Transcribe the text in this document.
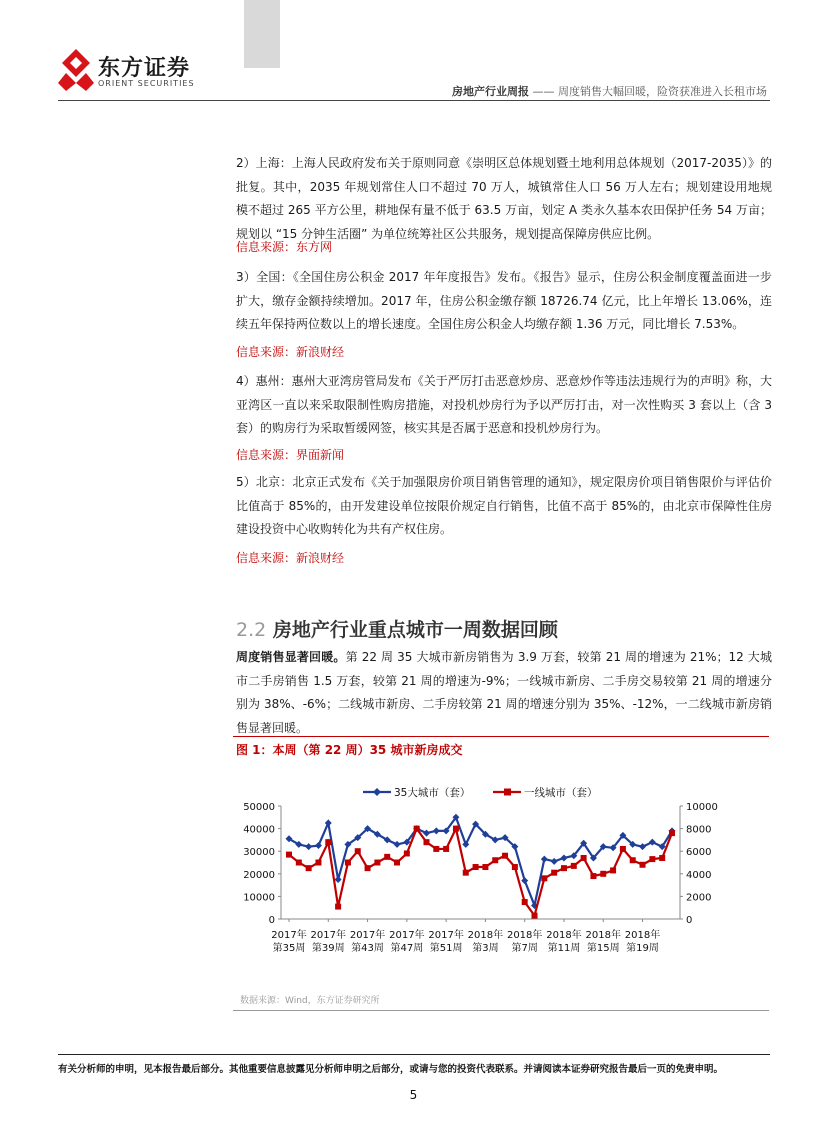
东方证券
ORIENT SECURITIES
房地产行业周报 —— 周度销售大幅回暖，险资获准进入长租市场
2）上海：上海人民政府发布关于原则同意《崇明区总体规划暨土地利用总体规划（2017-2035）》的批复。其中，2035 年规划常住人口不超过 70 万人，城镇常住人口 56 万人左右；规划建设用地规模不超过 265 平方公里，耕地保有量不低于 63.5 万亩，划定 A 类永久基本农田保护任务 54 万亩；规划以 “15 分钟生活圈” 为单位统筹社区公共服务，规划提高保障房供应比例。
信息来源：东方网
3）全国：《全国住房公积金 2017 年年度报告》发布。《报告》显示，住房公积金制度覆盖面进一步扩大，缴存金额持续增加。2017 年，住房公积金缴存额 18726.74 亿元，比上年增长 13.06%，连续五年保持两位数以上的增长速度。全国住房公积金人均缴存额 1.36 万元，同比增长 7.53%。
信息来源：新浪财经
4）惠州：惠州大亚湾房管局发布《关于严厉打击恶意炒房、恶意炒作等违法违规行为的声明》称，大亚湾区一直以来采取限制性购房措施，对投机炒房行为予以严厉打击，对一次性购买 3 套以上（含 3 套）的购房行为采取暂缓网签，核实其是否属于恶意和投机炒房行为。
信息来源：界面新闻
5）北京：北京正式发布《关于加强限房价项目销售管理的通知》，规定限房价项目销售限价与评估价比值高于 85%的，由开发建设单位按限价规定自行销售，比值不高于 85%的，由北京市保障性住房建设投资中心收购转化为共有产权住房。
信息来源：新浪财经
2.2 房地产行业重点城市一周数据回顾
周度销售显著回暖。第 22 周 35 大城市新房销售为 3.9 万套，较第 21 周的增速为 21%；12 大城市二手房销售 1.5 万套，较第 21 周的增速为-9%；一线城市新房、二手房交易较第 21 周的增速分别为 38%、-6%；二线城市新房、二手房较第 21 周的增速分别为 35%、-12%，一二线城市新房销售显著回暖。
图 1：本周（第 22 周）35 城市新房成交
0
10000
20000
30000
40000
50000
0
2000
4000
6000
8000
10000
2017年
第35周
2017年
第39周
2017年
第43周
2017年
第47周
2017年
第51周
2018年
第3周
2018年
第7周
2018年
第11周
2018年
第15周
2018年
第19周
35大城市（套）	一线城市（套）
数据来源：Wind，东方证券研究所
有关分析师的申明，见本报告最后部分。其他重要信息披露见分析师申明之后部分，或请与您的投资代表联系。并请阅读本证券研究报告最后一页的免责申明。
5
